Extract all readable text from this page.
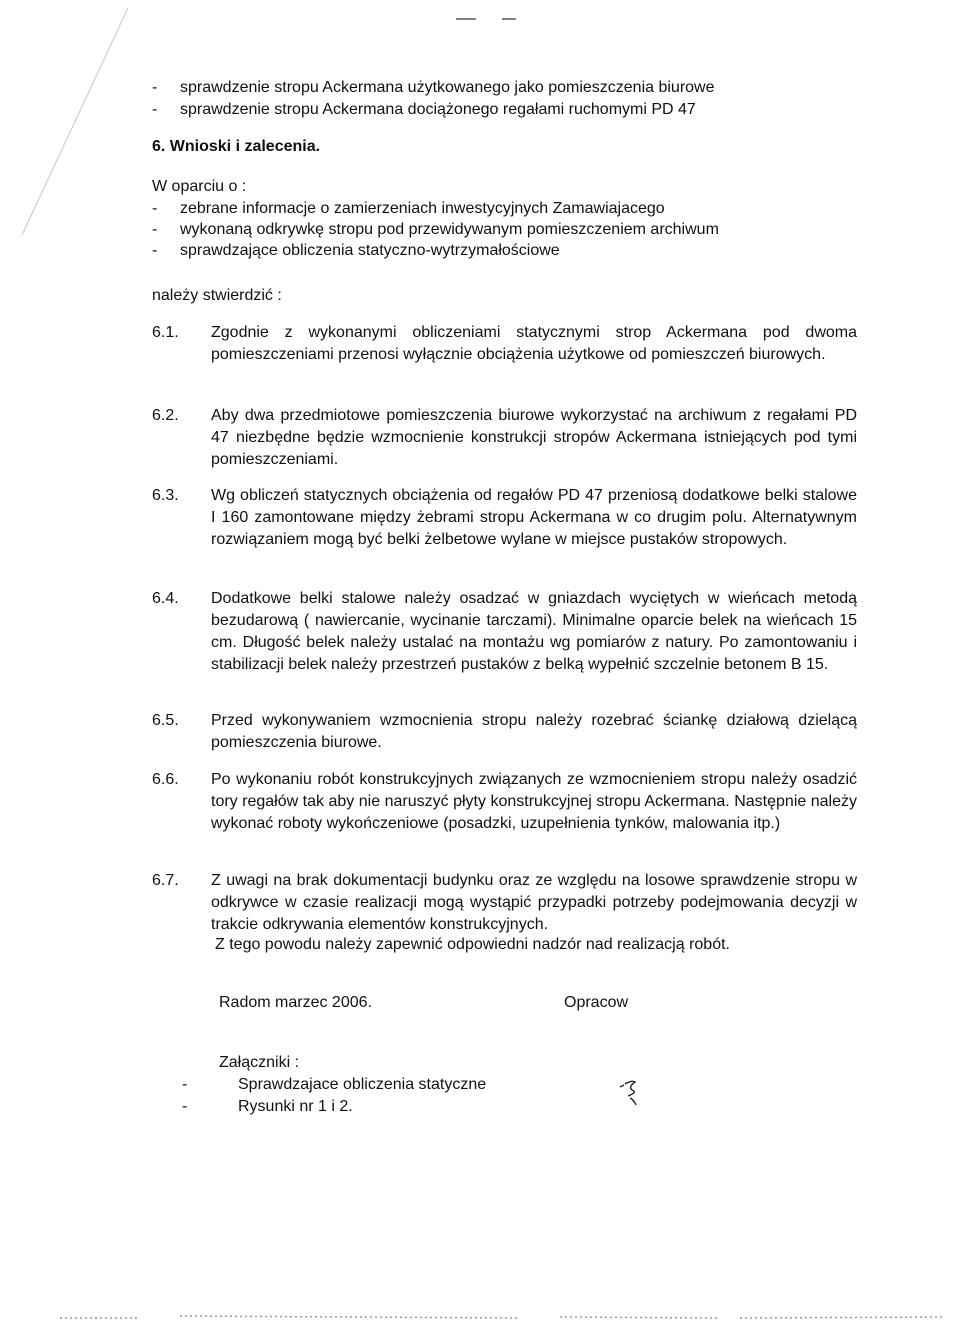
-	sprawdzenie stropu Ackermana użytkowanego jako pomieszczenia biurowe
-	sprawdzenie stropu Ackermana dociążonego regałami ruchomymi PD 47
6. Wnioski i zalecenia.
W oparciu o :
-	zebrane informacje o zamierzeniach inwestycyjnych Zamawiajacego
-	wykonaną odkrywkę stropu pod przewidywanym pomieszczeniem archiwum
-	sprawdzające obliczenia statyczno-wytrzymałościowe
należy stwierdzić :
6.1. Zgodnie z wykonanymi obliczeniami statycznymi strop Ackermana pod dwoma pomieszczeniami przenosi wyłącznie obciążenia użytkowe od pomieszczeń biurowych.
6.2. Aby dwa przedmiotowe pomieszczenia biurowe wykorzystać na archiwum z regałami PD 47 niezbędne będzie wzmocnienie konstrukcji stropów Ackermana istniejących pod tymi pomieszczeniami.
6.3. Wg obliczeń statycznych obciążenia od regałów PD 47 przeniosą dodatkowe belki stalowe I 160 zamontowane między żebrami stropu Ackermana w co drugim polu. Alternatywnym rozwiązaniem mogą być belki żelbetowe wylane w miejsce pustaków stropowych.
6.4. Dodatkowe belki stalowe należy osadzać w gniazdach wyciętych w wieńcach metodą bezudarową ( nawiercanie, wycinanie tarczami). Minimalne oparcie belek na wieńcach 15 cm. Długość belek należy ustalać na montażu wg pomiarów z natury. Po zamontowaniu i stabilizacji belek należy przestrzeń pustaków z belką wypełnić szczelnie betonem B 15.
6.5. Przed wykonywaniem wzmocnienia stropu należy rozebrać ściankę działową dzielącą pomieszczenia biurowe.
6.6. Po wykonaniu robót konstrukcyjnych związanych ze wzmocnieniem stropu należy osadzić tory regałów tak aby nie naruszyć płyty konstrukcyjnej stropu Ackermana. Następnie należy wykonać roboty wykończeniowe (posadzki, uzupełnienia tynków, malowania itp.)
6.7. Z uwagi na brak dokumentacji budynku oraz ze względu na losowe sprawdzenie stropu w odkrywce w czasie realizacji mogą wystąpić przypadki potrzeby podejmowania decyzji w trakcie odkrywania elementów konstrukcyjnych.
Z tego powodu należy zapewnić odpowiedni nadzór nad realizacją robót.
Radom marzec 2006.	Opracow
Załączniki :
-	Sprawdzajace obliczenia statyczne
-	Rysunki nr 1 i 2.
